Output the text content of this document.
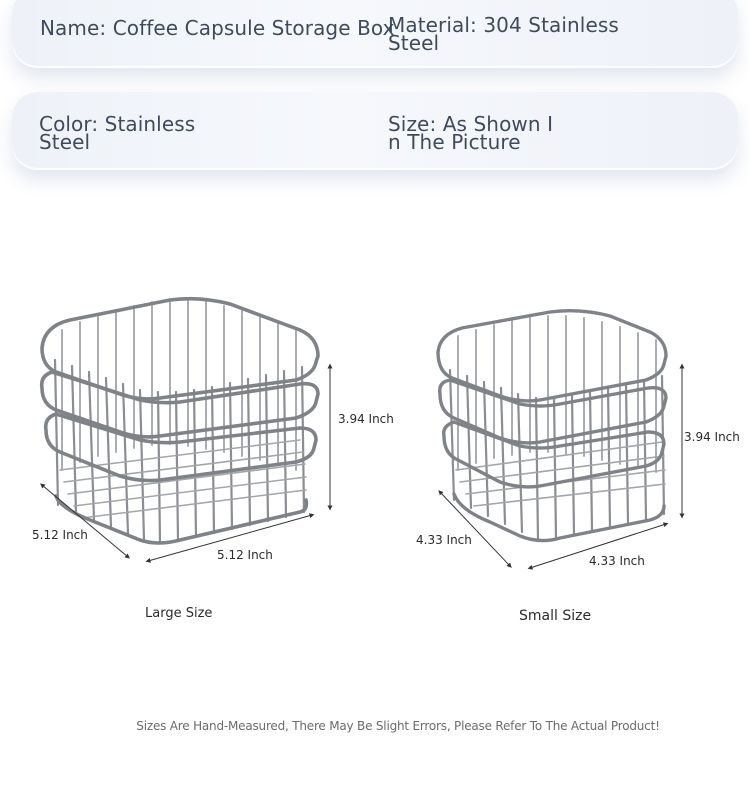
Name: Coffee Capsule Storage Box
Material: 304 Stainless
Steel
Color: Stainless
Steel
Size: As Shown I
n The Picture
3.94 Inch
5.12 Inch
5.12 Inch
Large Size
3.94 Inch
4.33 Inch
4.33 Inch
Small Size
Sizes Are Hand-Measured, There May Be Slight Errors, Please Refer To The Actual Product!
